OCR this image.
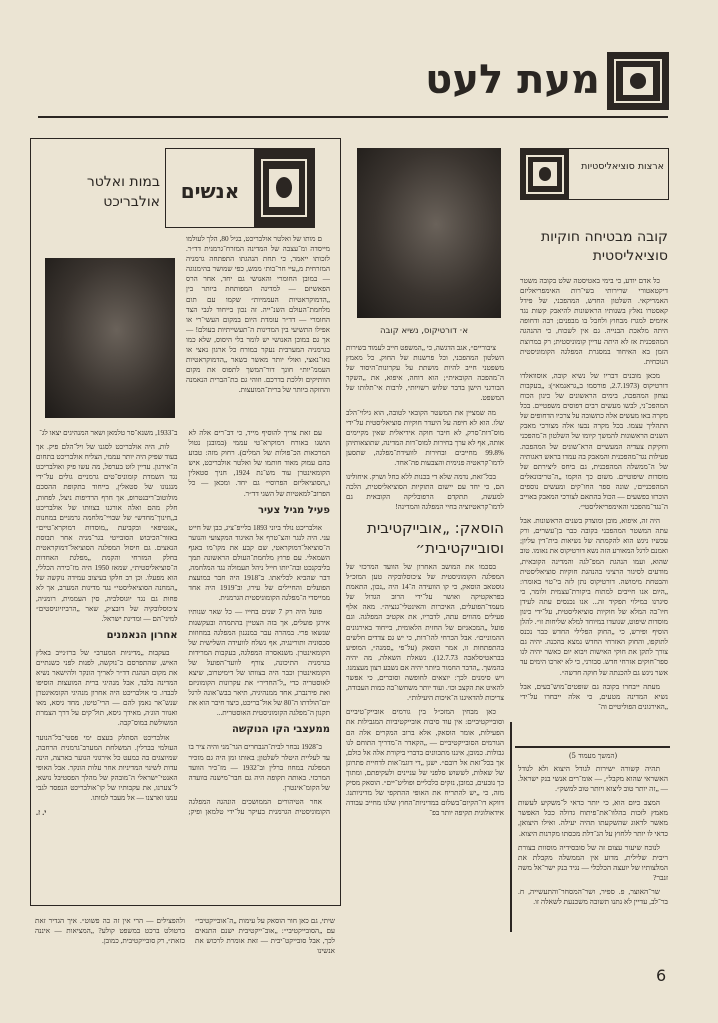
מעת לעט
אנשים
במות ואלטר אולבריכט

ם מותו של ואלטר אולבריכט, בגיל 80, הלך לעולמו מייסדה ומ־עצבה של המדינה המזרח־גרמנית דד״ר. לזכותו ייאמר, כי תחת הנהגתו התפתחה גרמניה המזרחית מ„עיי חר־בות׳ ממש, כפי שמושר בהימנוגה — במובן החומרי והאנושי גם יחד, אחר הרס הפאשיזם — למדינה המפותחת ביותר בין „הדמוקראטיות העממיות״ שקמו עם תום מלחמת־העולם השנ־ייה. זה נכון בייחוד לגבי הצד החומרי — דד״ר עומדת היום במקום העשי־רי או אפילו התשיעי בין המדינות ה־תעשייתיות בעולם! — אך גם במובן האנושי יש לומר בלי היסוס, שלא כמו בגרמניה המערבית נעקר במורח כל ארגון נאצי או נאו־נאצי, ואולי יותר מאשר בשאר „הדמוקראטיות העממ־יות״ חונך דור־המשך לתפוס את מקום הוותיקים וללכת בדרכם. וזוהי גם בת־הברית הנאמנה והחזקה ביותר של ברית־המועצות.

עם זאת צריך להוסיף מייד, כי דב־רים אלה לא הושגו באורח דמוקרא־טי עממי (במובנן נטול המרכאות הכ־פולות של המלים). רחוק מזה: טבוע בהם עמוק מאוד חותמו של ואלטר אולבריכט, איש הקומאינטרן עוד מש־נת 1924, חניך סטאלין ו„הסוציאליזם הפרוסי״ גם יחד. ומכאן — כל הפרוב־למאטיות של השגי דד״ר.

פעיל מגיל צעיר

אולבריכט נולד ביוני 1893 בלייפ־ציג, כבן של חייט עני. היה לנגר והצ־טרף אל האיגוד המקצועי והנוער ה־סוציאל־דמוקראטי, שם קבע את מקו־מו באגף השמאלי. עם פרוץ מלחמת־העולם הראשונה תמך בליבקנכט ובה־יותו חייל ניהל תעמולה נגד המלחמה, דבר שהביא לכליאתו. ב־1918 היה חבר במועצת הפועלים והחיילים של עירו, וב־1919 היה אחד ממייסדי ה־מפלגה הקומוניסטית הגרמנית.

פועל היה רק 7 שנים בחייו — כל שאר שנותיו אירגן פועלים, אך בזה הצטיין בהתמדה ובעקשנות שנשאו פרי. במהרה עבר במנגנון המפלגה במחוזות סכסוניה ותורינגיה, אף נשלח לוועידה השלישית של הקומאינטרן. משנאסרה המפלגה, בעקבות המרידות בגרמניה התיכונה, צורף לוועד־הפועל של הקומאינטרן וכבר היה בצוותו של דימיטרוב, שיצא לאוסטריה כדי „ל־החדיר״ את עקרונות הקומוניזם ואת פירנברג, אחד ממנהיגיה, תיאר בבש־אונה לרגל יום־הולדתו ה־80 של אול־בריכט, כיצד חיבר הוא את תקנון ה־מפלגה הקומוניסטית האוסטרית...

ממעצבי הקו הנוקשה

ב־1928 נבחר לבית־הנבחרים הגר־מני והיה ציר בו עד לעליית היטלר לשלטון; באותו זמן היה גם מזכיר המפלגה במחוז ברלין וב־1932 — מז־כיר הוועד המרכזי. באותה תקופה היה גם חבר־מישנה בוועדה של הקומ־אינטרן.

אחר הטיהורים הממושכים הונהגה המפלגה הקומוניסטית הגרמנית בעיקר על־ידי טלמאן ופיק; ב־1933, משנא־סר טלמאן ושאר המנהיגים יצאו לג־

לות, היה אולבריכט לסגנו של ויל־הלם פיק. אך בעוד שפיק היה יותר עממי, הצליח אולבריכט בתחום ה־אירגון. עדיין לוט בערפל, מה עשו פיק ואולבריכט נגד השמדת קומוניס־טים גרמניים גולים על־ידי מנגנונו של סטאלין, בייחוד בתקופת ההסכם מולוטוב־ריבנטרופ, אך חרף הרדיפות ניצל, לפחות, חלק מהם ואלה אורגנו בצוותו של אולבריכט ב„חינוך־מחדש״ של שבויי־מלחמה גרמניים במחנות „אנטיפא״ ובקביעת „מוסדות דמוקרא־טיים״ באזור־הכיבוש הסובייטי בגר־מניה אחר תבוסת הנאצים. גם חיסול המפלגה הסוציאל־דמוקראטית בחלק המזרחי והקמת „מפלגת האחדות ה־סוציאליסטית״, שמאז 1950 היה מז־כירה הכללי, הוא מפעלו. וכן רב חלקו בעיצוב עמידה נוקשה של „המחנה הסוציאליסטי״ נגד מדינות המערב, אך לא פחות גם נגד יוגוסלביה, סין העממית, רומניה, צ׳כוסלובקיה של דובצ׳ק, שאר „הרביזיוניסטים״ למיני־הם — ומדינת ישראל.

אחרון הנאמנים

בעקבות „מדיניות המערב״ של ברז׳נייב באלץ האיש, שהתפרסם כ־נוקשה, לפנות לפני כשנתיים את מקום הנהגת דד״ר לאריך הונקר ולהישאר נשיא המדינה בלבד, אבל מנהיגי ברית המועצות הוסיפו לכבדו. כי אולבריכט היה אחרון מנהיגי הקומאינטרן שנש־אר נאמן להם — הרי־טיטו, מחד גיסא, מאו ואנוור הוג׳ה, מאידך גיסא, תול־קים על דרך הצמרת המשולשת במוס־קבה.

אולבריכט הסתלק בעצם ימי פסטי־בל־הנוער העולמי בברלין. המשלחת המערב־גרמנית הרחבה, שמיוצגים בה כמעט כל אירגוני הנוער בארצה, הינה עדות לשינוי המדיניות אחר עלות הונקר. אבל האופי האנטי־ישראלי ה־מובהק של מהלך הפסטיבל נושא, ל־צערנו, את עקבותיו של קו־אולבריכט הנפסד לגבי עמנו וארצנו — אל מעבר למותו.

י. ז.
א· דורטיקוס, נשיא קובה

ציבוריים״, אגב הדגשה, כי „המשפט חייב לעמוד בשירות השלטון המהפכני, וכל פרשנות של החוק, כל מאמץ משפטני חייב להיות מושתת על עקרונות־היסוד של ה־מהפכה הקובאית״; הוא דוחה, איפוא, את „השקר הבורגני הישן בדבר שלוש רשויות״, לרבות אי־תלותו של המשפט.

מה שמציין את המשטר הקובאי לטובה, הוא גילוי־הלב שלו. הוא לא חיפה על היעדר חוקיות סוציאליסטית על־ידי מוס־דות־סרק, לא חיבר חוקה אידיאלית שאין מקיימים אותה, אף לא ערך בחירות למוס־דות המדינה, שתוצאותיהן 99.8% מחייבים ובחירות לוועידת־מפלגה, שתסען לדמו־קראטיה פנימית והצבעות פה־אחד.

בכל־זאת, נדמה שלא די בכנות ללא כחל ושרק. איחולינו הם, כי יחד עם יישום התוקיות הסוציאליסטית, הלכה למעשה, תתקדם הרפובליקה הקובאית גם לדמו־קראטיזציה בחיי המפלגה והמדינה!

הוסאק: „אובייקטיבית וסובייקטיבית״

בסכמו את המושב האחרון של הוועד המרכזי של המפלגה הקומוניסטית של צ׳כוסלובקיה טען המזכ״ל גוסטאב הוסאק, כי קו הוועידה ה־14 היה „נכון, התאמת בפראקטיקה ואושר על־ידי הרוב הגדול של מעמד־הפועלים, האיכרות והאינטלי־גנציה״. מאה אלף פעילים מהווים עתה, לדבריו, את אקטיב המפלגה. וגם פועל „המכאניזם של החזית הלאומית, בייחוד באירגונים ההמוניים״. אבל הכרחי להו־דות, כי יש גם צדדים חלשים בהתפתחות זו, אמר הוסאק (על־פי „סמנה״, המופיע בבראטיסלאבה 12.7.73). נשאלת השאלה, מה יהיה בהמשך. „הדבר החמור ביותר יהיה אם נשבע רצון מעצמנו. ויש סימנים לכך: יוצאים לחופשה וסוברים, כי אפשר להאיט את הקצב וכו׳. ועוד יותר משחשו־בה כמות העבודה, צריכות להדאיגנו ה־איכות היעילות״.

כאן מבחין המזכ״ל בין גורמים אובייק־טיביים וסובייקטיביים: אין עוד סיבות אובייקטיביות המגבילות את הפעילות, אומר הוסאק, אלא ברוב המקרים אלה הם הגורמים הסובייקטיביים — „הקאדר ה־מדריך התוחם לנו גבולות. כמובן, איננו מתכוונים בדברי ביקורת אלה אל כולם, אך בכל־זאת אל רובם״. ישנן „די דוגמ־אות לדחיית פתרונן של שאלות, לששוש סלפני של עניינים ולעקיפתם, ומתוך כך נובעים, כמובן, נזקים כלכליים ופוליט־יים״. הוסאק מסיק מזה, כי „יש להתריח את האופי ההתקפי של מדיניותנו. דווקא דו־הקיום־בשלום במדיניות־החוץ שלנו מחייב עבודה אידאולוגית תקיפה יותר בפ־

ארצות סוציאליסטיות
קובה מבטיחה חוקיות סוציאליסטית

כל אדם יודע, כי בימי באטיסטה שלט בקובה משטר דיקטאטורי שרירותי בשי־רות האימפריאליזם האמריקאי. השלטון החדש, המהפכני, של פידל קאסטרו נאלץ בשנותיו הראשונות להיאבק קשות נגד איומים למגרז מבחוץ ולחבל בו מבפנים; רבה ודחופה היתה מלאכת הבנייה. גם אין לשכוח, כי ההנהגה המהפכנית אז לא היתה עדיין קומוניסטית; רק במרוצת הזמן בא האיחוד במסגרת המפלגה הקומוניסטית הנוכחית.

מכאן מובנים דבריו של נשיא קובה, אוסוואלדו דורטיקוס (2.7.1973, פורסמו ב„גראנמא״): „בעקבות נצחון המהפכה, בימים הראשונים של כינון הכוח המהפכ־ני, לבשו מעשים רבים דפוסים משפטיים. בכל מקרה באו מעשים אלה כתשובה על צרכיו הדחופים של התהליך עצמו. בכל מקרה נבעו אלה מצורכי מאבק השנים הראשונות להמשך קיומו של השלטון ה־מהפכני וחקיקת צעדיה המעשיים הרא־שונים של המהפכה. פעילות נגד־מהפכנית והמאבק בה עמדו בראש דאגותיה של ה־ממשלה המהפכנית, גם ביחס ליצירתם של מוסדות שיפוטיים. משום כך הוקמו „ה־טריבונאלים המהפכניים׳, שונה ספר החו־קים ומעשים נוספים הוכרזו כפשעים — הכול בהתאם לצורכי המאבק באוייב ה־נגד־מהפכני והאימפריאליסטי״.

היה זה, איפוא, מובן ומוצדק בשנים הראשונות. אבל עתה המשטר המהפכני בקובה כבר בן־עשרים, ורק עכשיו ניגש הוא להקמתה של נשיאות בית־דין עליון; ואמנם לרגל המאורע הזה נשא דורטיקוס את נאומו. טוב שהוא, ועמו הנהגת המפ־לגה והמדינה הקובאית, מודעים לסיגור הרציני בהנהגת חוקיות סוציאליסטית והבטחת מימושה. דורטיקוס נתן לזה בי־טוי באומרו: „היום אנו חייבים למתוח ביקורת־עצמית ולומר, כי סיגרנו במילוי תפקיד זה... אנו נכנסים עתה לעידן חיו־בה המלא של חוקיות סוציאליסטית, על־ידי כינון מוסדות שיפוט, שנועדו במיוחד למלא שליחות זו״. להלן הוסיף ופירש, כי „החוק הפלילי החדש כבר נכנס לתוקפו, והחוק האזרחי החדש נמצא בהכנה. יהיה גם צורך לתקן את חוקי האישות ויבוא יום כאשר יהיה לנו ספר־חוקים אזרחי חדש. סבורני, כי לא יארכו הימים עד אשר ניגש גם להכנתה של חוקה חדשה״.

מעתה ייבחרו בקובה גם שופטים־מוש־בעים, אבל נשיא המדינה מטעים, כי אלה ייבחרו על־ידי „האירגונים הפוליטיים וה־

(המשך מעמוד 5)

תהיה קשורה ישירות לגודל היצוא ולא לגודל האשראי שהוא מקבל״, — אומ־רים אנשי בנק ישראל. — „זה יותר טוב ליצוא ויותר טוב למשק״.

המצב כיום הוא, כי יותר כדאי ל־משקיע לעשות מאמץ לזכות בהלוו־את־פיתוח גדולה ככל האפשר מאשר לדאוג שהשקעתו תהיה יעילה. ואילו היצואן, כדאי לו יותר ללחוץ על הג־דלת מכסתו מקרנות היצוא.

לנוכח שיעור עצום זה של סובסידיה מוסוות בצורת ריבית שלילית, מדוע אין הממשלה מקבלת את המלצותיו של יועצה הכלכלי — נגיד בנק ישר־אל משה זנבר?

שר־האוצר, פ. ספיר, ושר־המסחר־והתעשייה, ח. בר־לב, עדיין לא נתנו תשובה משכנעת לשאלה זו.

שיתי, גם כאן חור הוסאק על עימות „ה־אובייקטיבי״ עם „הסובייקטיבי״: „אוב־ייקטיבית ישנם התנאים לכך, אבל סובייקט־יבית — זאת אומרת לרכוש את אנשינו

ולהפצילים — הרי אין זה כה פשוט״. איך הגדיר זאת ברטולט ברכט במשפט קולע? „המציאות — איננה כזאת״, רק סובייקטיבית, כמובן.

6
